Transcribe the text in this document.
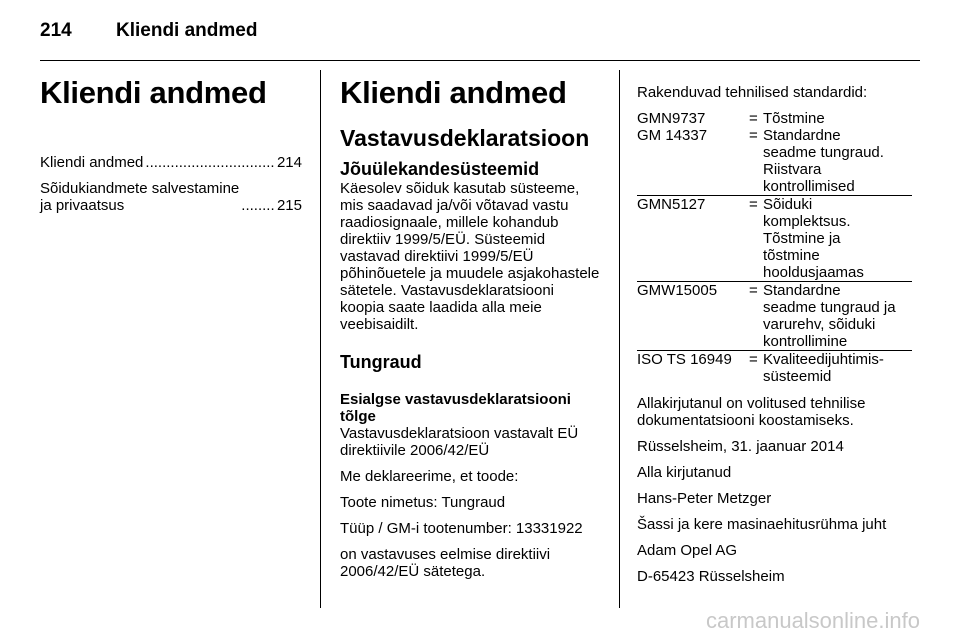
214 Kliendi andmed
Kliendi andmed
Kliendi andmed .....	214
Sõidukiandmete salvestamine
ja privaatsus .....	215
Kliendi andmed
Vastavusdeklaratsioon
Jõuülekandesüsteemid

Käesolev sõiduk kasutab süsteeme, mis saadavad ja/või võtavad vastu raadiosignaale, millele kohandub direktiiv 1999/5/EÜ. Süsteemid vastavad direktiivi 1999/5/EÜ põhinõuetele ja muudele asjakohastele sätetele. Vastavusdeklaratsiooni koopia saate laadida alla meie veebisaidilt.

Tungraud
Esialgse vastavusdeklaratsiooni tõlge

Vastavusdeklaratsioon vastavalt EÜ direktiivile 2006/42/EÜ

Me deklareerime, et toode:

Toote nimetus: Tungraud

Tüüp / GM-i tootenumber: 13331922

on vastavuses eelmise direktiivi 2006/42/EÜ sätetega.

Rakenduvad tehnilised standardid:
GMN9737	= Tõstmine
GM 14337	= Standardne
seadme tungraud.
Riistvara
kontrollimised
GMN5127	= Sõiduki
komplektsus.
Tõstmine ja
tõstmine
hooldusjaamas
GMW15005	= Standardne
seadme tungraud ja
varurehv, sõiduki
kontrollimine
ISO TS 16949	= Kvaliteedijuhtimis-
süsteemid

Allakirjutanul on volitused tehnilise dokumentatsiooni koostamiseks.

Rüsselsheim, 31. jaanuar 2014

Alla kirjutanud

Hans-Peter Metzger

Šassi ja kere masinaehitusrühma juht

Adam Opel AG

D-65423 Rüsselsheim

carmanualsonline.info
